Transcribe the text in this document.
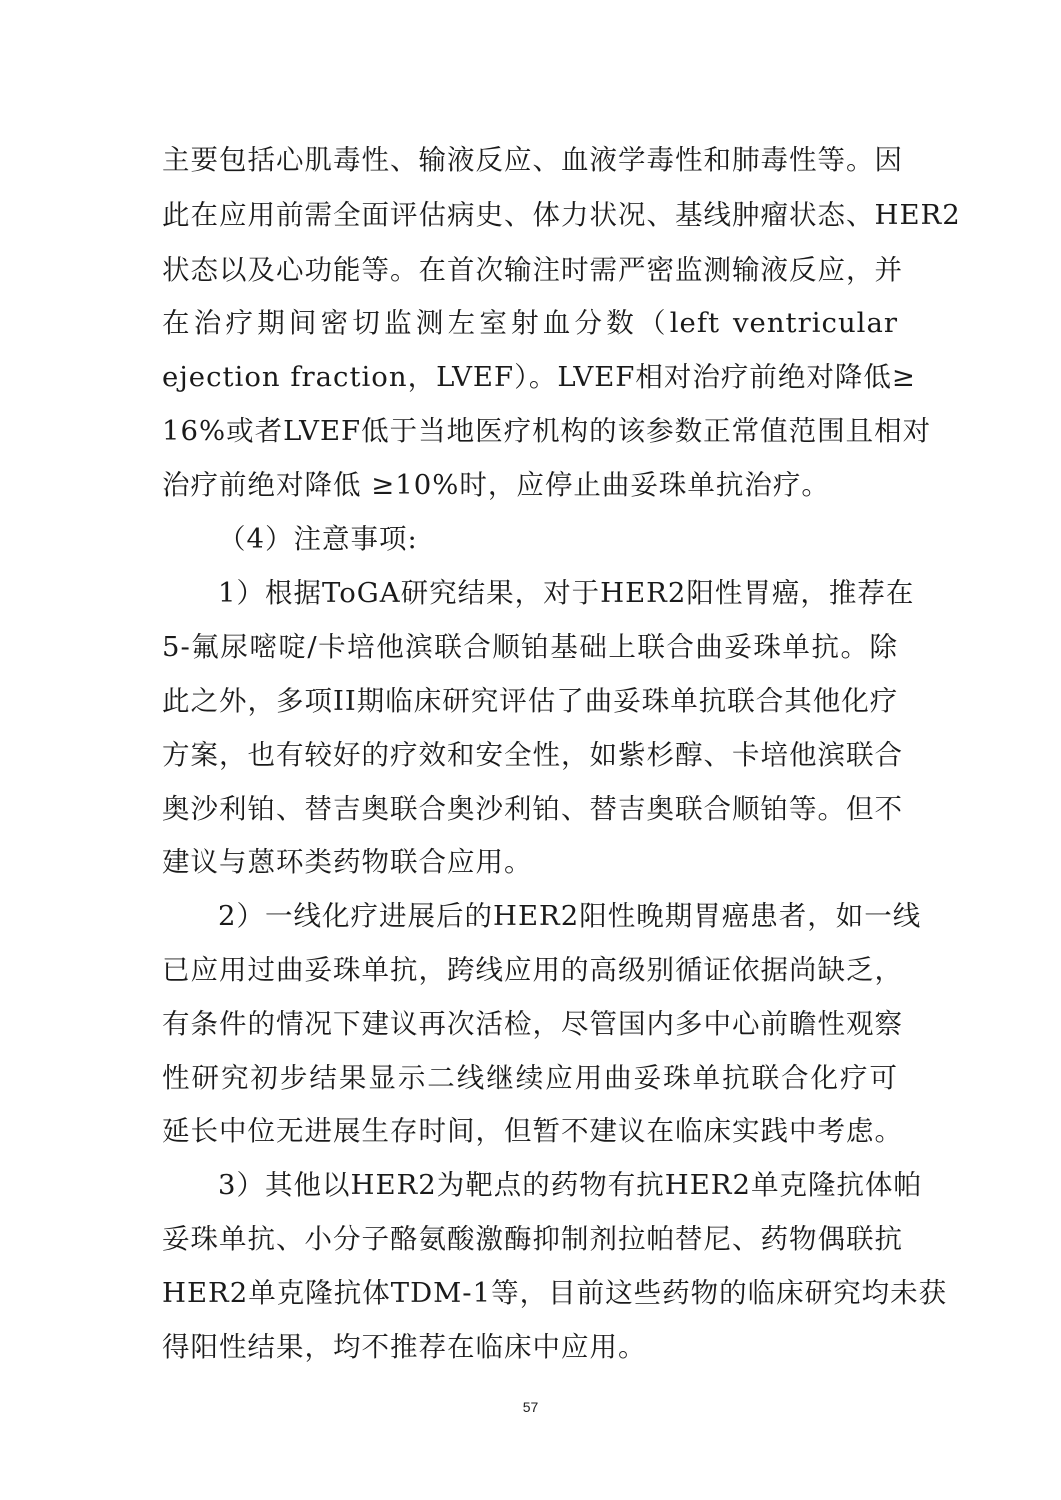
主要包括心肌毒性、输液反应、血液学毒性和肺毒性等。因
此在应用前需全面评估病史、体力状况、基线肿瘤状态、HER2
状态以及心功能等。在首次输注时需严密监测输液反应，并
在治疗期间密切监测左室射血分数（left ventricular
ejection fraction，LVEF）。LVEF相对治疗前绝对降低≥
16%或者LVEF低于当地医疗机构的该参数正常值范围且相对
治疗前绝对降低 ≥10%时，应停止曲妥珠单抗治疗。
（4）注意事项:
1）根据ToGA研究结果，对于HER2阳性胃癌，推荐在
5-氟尿嘧啶/卡培他滨联合顺铂基础上联合曲妥珠单抗。除
此之外，多项II期临床研究评估了曲妥珠单抗联合其他化疗
方案，也有较好的疗效和安全性，如紫杉醇、卡培他滨联合
奥沙利铂、替吉奥联合奥沙利铂、替吉奥联合顺铂等。但不
建议与蒽环类药物联合应用。
2）一线化疗进展后的HER2阳性晚期胃癌患者，如一线
已应用过曲妥珠单抗，跨线应用的高级别循证依据尚缺乏，
有条件的情况下建议再次活检，尽管国内多中心前瞻性观察
性研究初步结果显示二线继续应用曲妥珠单抗联合化疗可
延长中位无进展生存时间，但暂不建议在临床实践中考虑。
3）其他以HER2为靶点的药物有抗HER2单克隆抗体帕
妥珠单抗、小分子酪氨酸激酶抑制剂拉帕替尼、药物偶联抗
HER2单克隆抗体TDM-1等，目前这些药物的临床研究均未获
得阳性结果，均不推荐在临床中应用。
57
